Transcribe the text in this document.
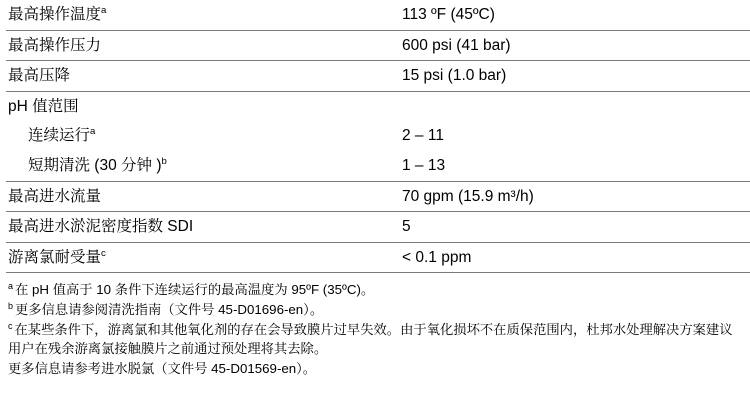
最高操作温度$^a$	113 ºF (45ºC)
最高操作压力	600 psi (41 bar)
最高压降	15 psi (1.0 bar)
pH 值范围	
连续运行$^a$	2 – 11
短期清洗 (30 分钟 )$^b$	1 – 13
最高进水流量	70 gpm (15.9 m³/h)
最高进水淤泥密度指数 SDI	5
游离氯耐受量$^c$	< 0.1 ppm
$^a$ 在 pH 值高于 10 条件下连续运行的最高温度为 95ºF (35ºC)。
$^b$ 更多信息请参阅清洗指南（文件号 45-D01696-en）。
$^c$ 在某些条件下，游离氯和其他氧化剂的存在会导致膜片过早失效。由于氧化损坏不在质保范围内，杜邦水处理解决方案建议用户在残余游离氯接触膜片之前通过预处理将其去除。
更多信息请参考进水脱氯（文件号 45-D01569-en）。
